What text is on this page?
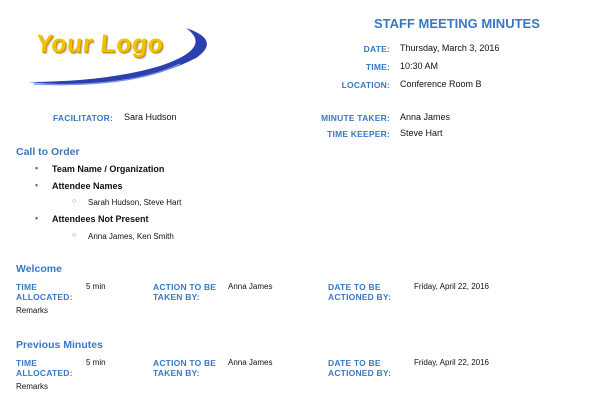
Your Logo
STAFF MEETING MINUTES
DATE: Thursday, March 3, 2016
TIME: 10:30 AM
LOCATION: Conference Room B
FACILITATOR: Sara Hudson	MINUTE TAKER: Anna James
TIME KEEPER: Steve Hart
Call to Order
• Team Name / Organization
• Attendee Names
○ Sarah Hudson, Steve Hart
• Attendees Not Present
○ Anna James, Ken Smith
Welcome
TIME
ALLOCATED:
5 min	ACTION TO BE
TAKEN BY:
Anna James	DATE TO BE
ACTIONED BY:
Friday, April 22, 2016
Remarks
Previous Minutes
TIME
ALLOCATED:
5 min	ACTION TO BE
TAKEN BY:
Anna James	DATE TO BE
ACTIONED BY:
Friday, April 22, 2016
Remarks
